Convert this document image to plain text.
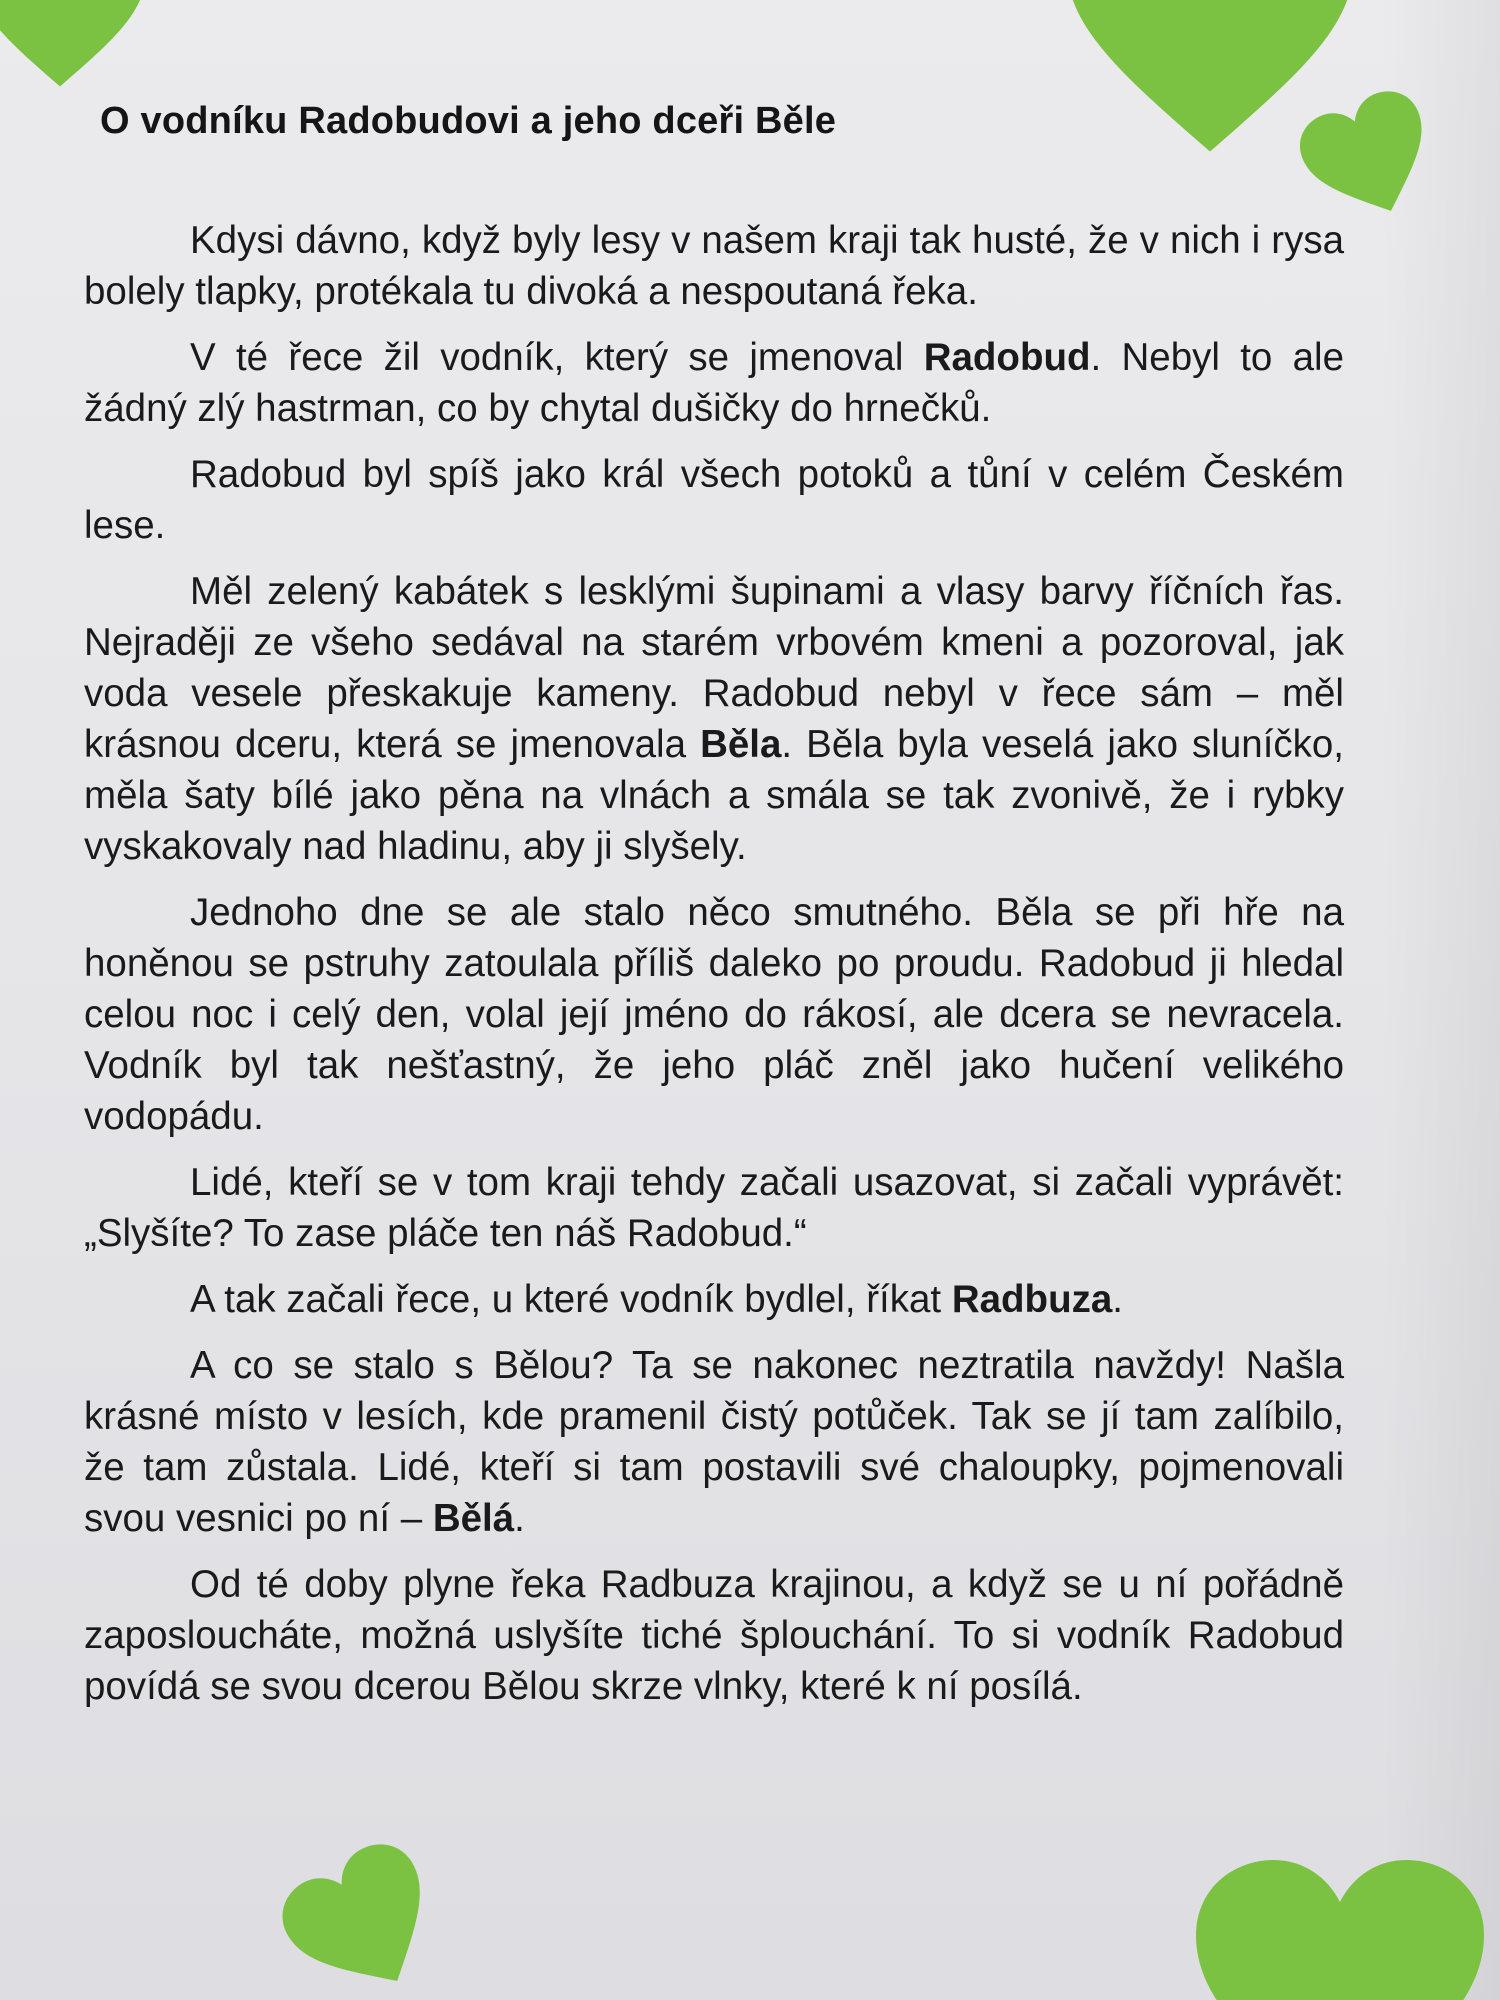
O vodníku Radobudovi a jeho dceři Běle

Kdysi dávno, když byly lesy v našem kraji tak husté, že v nich i rysa bolely tlapky, protékala tu divoká a nespoutaná řeka.

V té řece žil vodník, který se jmenoval Radobud. Nebyl to ale žádný zlý hastrman, co by chytal dušičky do hrnečků.

Radobud byl spíš jako král všech potoků a tůní v celém Českém lese.

Měl zelený kabátek s lesklými šupinami a vlasy barvy říčních řas. Nejraději ze všeho sedával na starém vrbovém kmeni a pozoroval, jak voda vesele přeskakuje kameny. Radobud nebyl v řece sám – měl krásnou dceru, která se jmenovala Běla. Běla byla veselá jako sluníčko, měla šaty bílé jako pěna na vlnách a smála se tak zvonivě, že i rybky vyskakovaly nad hladinu, aby ji slyšely.

Jednoho dne se ale stalo něco smutného. Běla se při hře na honěnou se pstruhy zatoulala příliš daleko po proudu. Radobud ji hledal celou noc i celý den, volal její jméno do rákosí, ale dcera se nevracela. Vodník byl tak nešťastný, že jeho pláč zněl jako hučení velikého vodopádu.

Lidé, kteří se v tom kraji tehdy začali usazovat, si začali vyprávět: „Slyšíte? To zase pláče ten náš Radobud.“

A tak začali řece, u které vodník bydlel, říkat Radbuza.

A co se stalo s Bělou? Ta se nakonec neztratila navždy! Našla krásné místo v lesích, kde pramenil čistý potůček. Tak se jí tam zalíbilo, že tam zůstala. Lidé, kteří si tam postavili své chaloupky, pojmenovali svou vesnici po ní – Bělá.

Od té doby plyne řeka Radbuza krajinou, a když se u ní pořádně zaposloucháte, možná uslyšíte tiché šplouchání. To si vodník Radobud povídá se svou dcerou Bělou skrze vlnky, které k ní posílá.
